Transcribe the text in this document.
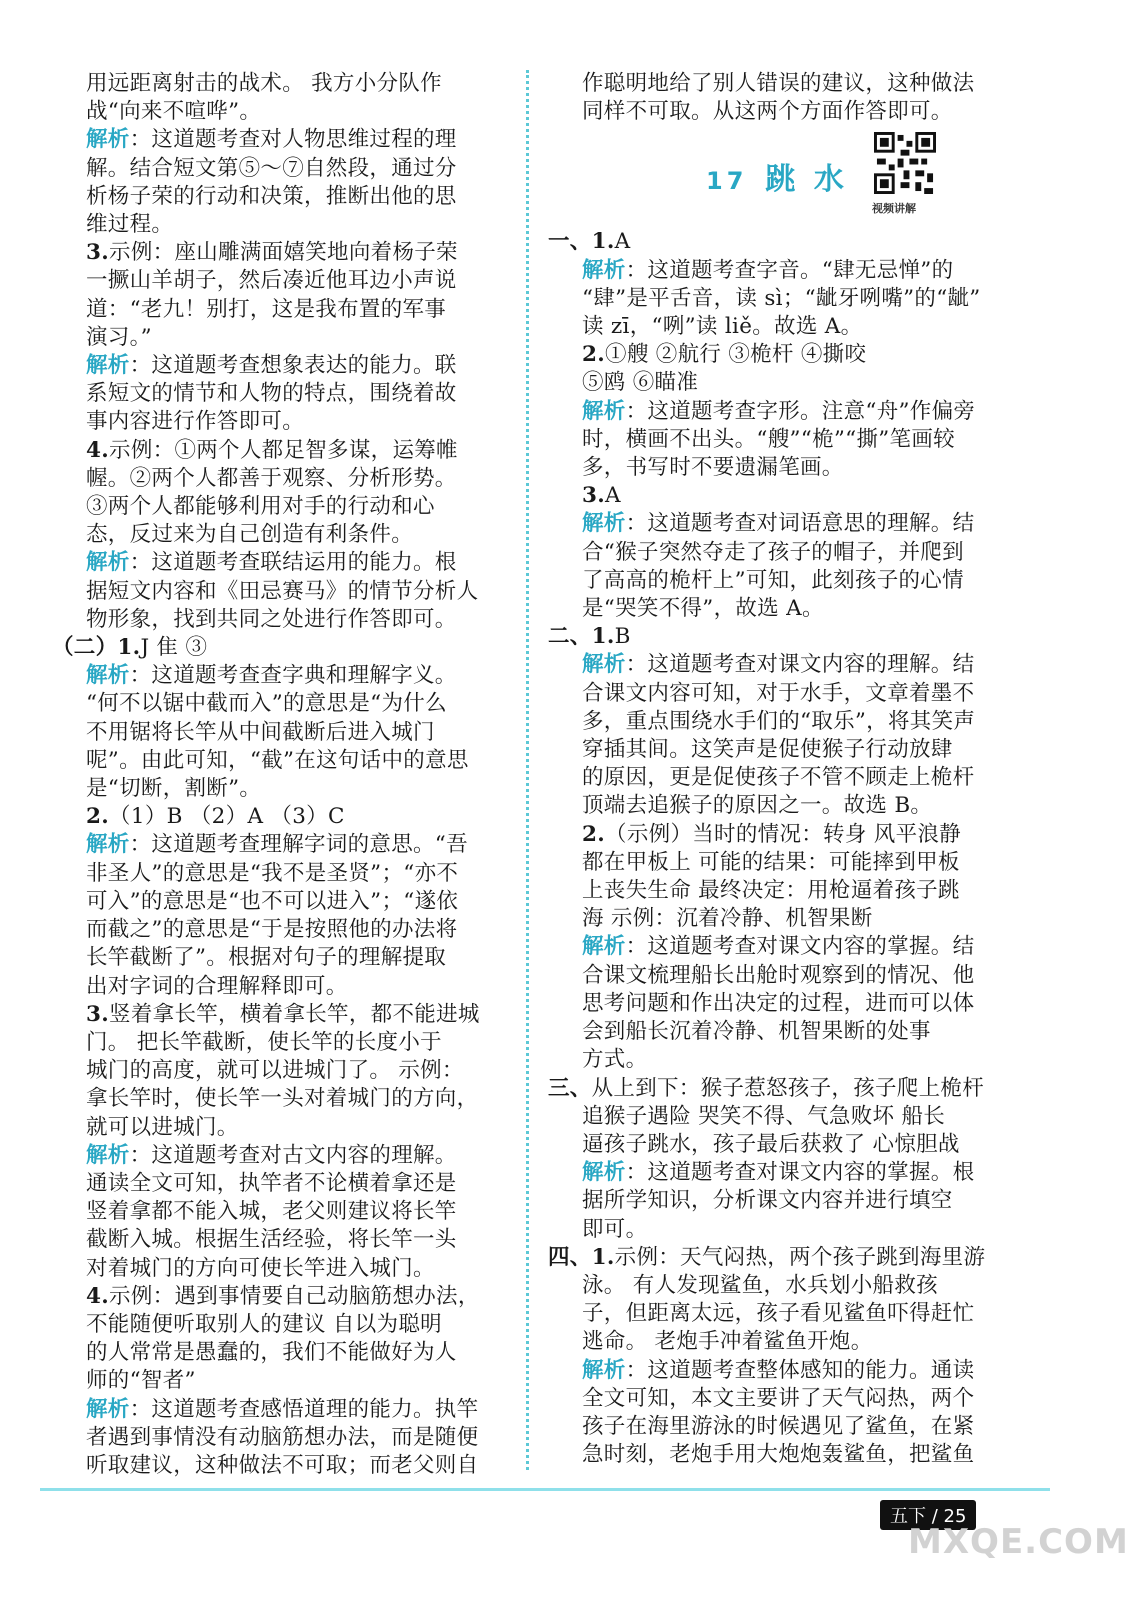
用远距离射击的战术。 我方小分队作

战“向来不喧哗”。

解析：这道题考查对人物思维过程的理

解。结合短文第⑤～⑦自然段，通过分

析杨子荣的行动和决策，推断出他的思

维过程。

3.示例：座山雕满面嬉笑地向着杨子荣

一撅山羊胡子，然后凑近他耳边小声说

道：“老九！别打，这是我布置的军事

演习。”

解析：这道题考查想象表达的能力。联

系短文的情节和人物的特点，围绕着故

事内容进行作答即可。

4.示例：①两个人都足智多谋，运筹帷

幄。②两个人都善于观察、分析形势。

③两个人都能够利用对手的行动和心

态，反过来为自己创造有利条件。

解析：这道题考查联结运用的能力。根

据短文内容和《田忌赛马》的情节分析人

物形象，找到共同之处进行作答即可。

（二）1.J 隹 ③

解析：这道题考查查字典和理解字义。

“何不以锯中截而入”的意思是“为什么

不用锯将长竿从中间截断后进入城门

呢”。由此可知，“截”在这句话中的意思

是“切断，割断”。

2.（1）B （2）A （3）C

解析：这道题考查理解字词的意思。“吾

非圣人”的意思是“我不是圣贤”；“亦不

可入”的意思是“也不可以进入”；“遂依

而截之”的意思是“于是按照他的办法将

长竿截断了”。根据对句子的理解提取

出对字词的合理解释即可。

3.竖着拿长竿，横着拿长竿，都不能进城

门。 把长竿截断，使长竿的长度小于

城门的高度，就可以进城门了。 示例：

拿长竿时，使长竿一头对着城门的方向，

就可以进城门。

解析：这道题考查对古文内容的理解。

通读全文可知，执竿者不论横着拿还是

竖着拿都不能入城，老父则建议将长竿

截断入城。根据生活经验，将长竿一头

对着城门的方向可使长竿进入城门。

4.示例：遇到事情要自己动脑筋想办法，

不能随便听取别人的建议 自以为聪明

的人常常是愚蠢的，我们不能做好为人

师的“智者”

解析：这道题考查感悟道理的能力。执竿

者遇到事情没有动脑筋想办法，而是随便

听取建议，这种做法不可取；而老父则自

作聪明地给了别人错误的建议，这种做法

同样不可取。从这两个方面作答即可。

17 跳 水
视频讲解

一、1.A

解析：这道题考查字音。“肆无忌惮”的

“肆”是平舌音，读 sì；“龇牙咧嘴”的“龇”

读 zī，“咧”读 liě。故选 A。

2.①艘 ②航行 ③桅杆 ④撕咬

⑤鸥 ⑥瞄准

解析：这道题考查字形。注意“舟”作偏旁

时，横画不出头。“艘”“桅”“撕”笔画较

多，书写时不要遗漏笔画。

3.A

解析：这道题考查对词语意思的理解。结

合“猴子突然夺走了孩子的帽子，并爬到

了高高的桅杆上”可知，此刻孩子的心情

是“哭笑不得”，故选 A。

二、1.B

解析：这道题考查对课文内容的理解。结

合课文内容可知，对于水手，文章着墨不

多，重点围绕水手们的“取乐”，将其笑声

穿插其间。这笑声是促使猴子行动放肆

的原因，更是促使孩子不管不顾走上桅杆

顶端去追猴子的原因之一。故选 B。

2.（示例）当时的情况：转身 风平浪静

都在甲板上 可能的结果：可能摔到甲板

上丧失生命 最终决定：用枪逼着孩子跳

海 示例：沉着冷静、机智果断

解析：这道题考查对课文内容的掌握。结

合课文梳理船长出舱时观察到的情况、他

思考问题和作出决定的过程，进而可以体

会到船长沉着冷静、机智果断的处事

方式。

三、从上到下：猴子惹怒孩子，孩子爬上桅杆

追猴子遇险 哭笑不得、气急败坏 船长

逼孩子跳水，孩子最后获救了 心惊胆战

解析：这道题考查对课文内容的掌握。根

据所学知识，分析课文内容并进行填空

即可。

四、1.示例：天气闷热，两个孩子跳到海里游

泳。 有人发现鲨鱼，水兵划小船救孩

子，但距离太远，孩子看见鲨鱼吓得赶忙

逃命。 老炮手冲着鲨鱼开炮。

解析：这道题考查整体感知的能力。通读

全文可知，本文主要讲了天气闷热，两个

孩子在海里游泳的时候遇见了鲨鱼，在紧

急时刻，老炮手用大炮炮轰鲨鱼，把鲨鱼

五下 / 25
MXQE.COM
